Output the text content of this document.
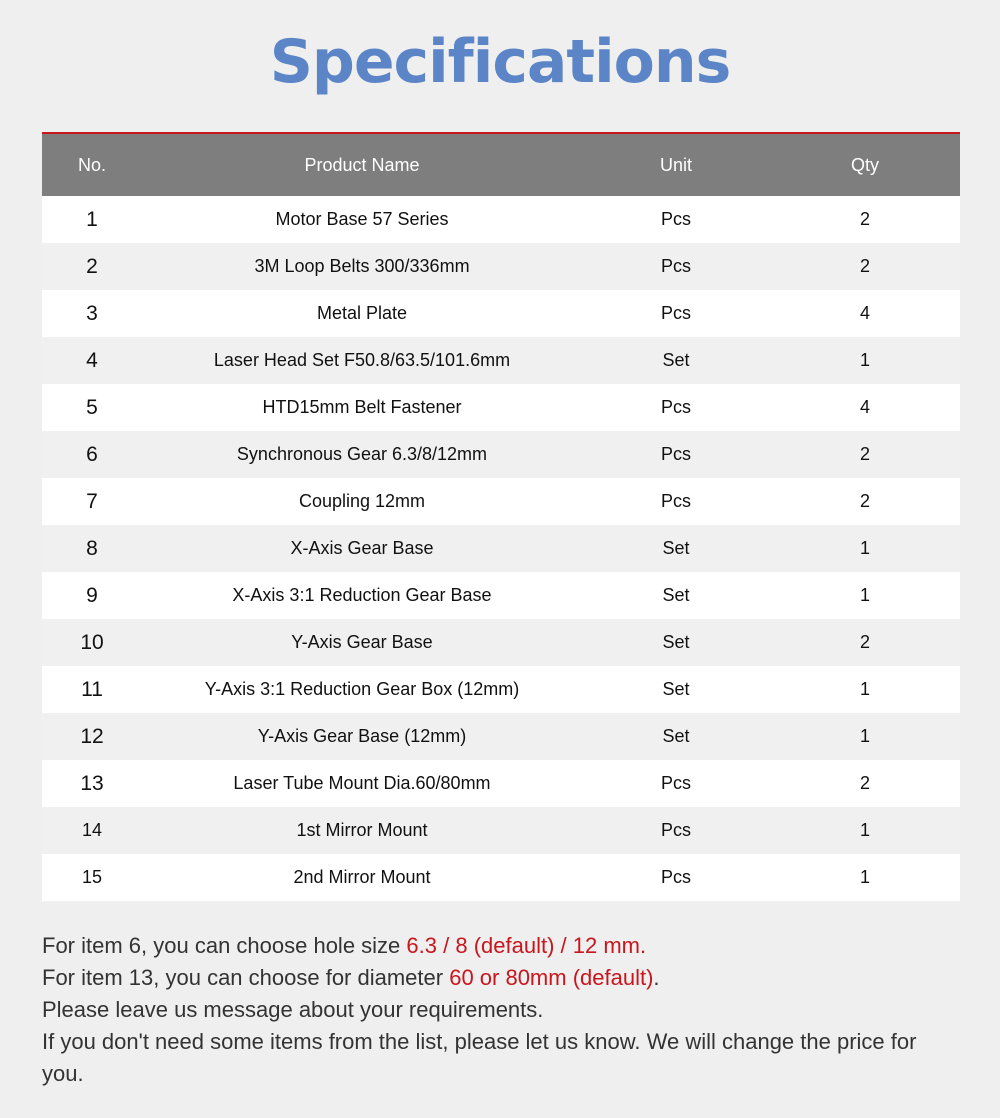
Specifications
No.	Product Name	Unit	Qty
1	Motor Base 57 Series	Pcs	2
2	3M Loop Belts 300/336mm	Pcs	2
3	Metal Plate	Pcs	4
4	Laser Head Set F50.8/63.5/101.6mm	Set	1
5	HTD15mm Belt Fastener	Pcs	4
6	Synchronous Gear 6.3/8/12mm	Pcs	2
7	Coupling 12mm	Pcs	2
8	X-Axis Gear Base	Set	1
9	X-Axis 3:1 Reduction Gear Base	Set	1
10	Y-Axis Gear Base	Set	2
11	Y-Axis 3:1 Reduction Gear Box (12mm)	Set	1
12	Y-Axis Gear Base (12mm)	Set	1
13	Laser Tube Mount Dia.60/80mm	Pcs	2
14	1st Mirror Mount	Pcs	1
15	2nd Mirror Mount	Pcs	1

For item 6, you can choose hole size 6.3 / 8 (default) / 12 mm.

For item 13, you can choose for diameter 60 or 80mm (default).

Please leave us message about your requirements.

If you don't need some items from the list, please let us know. We will change the price for you.
